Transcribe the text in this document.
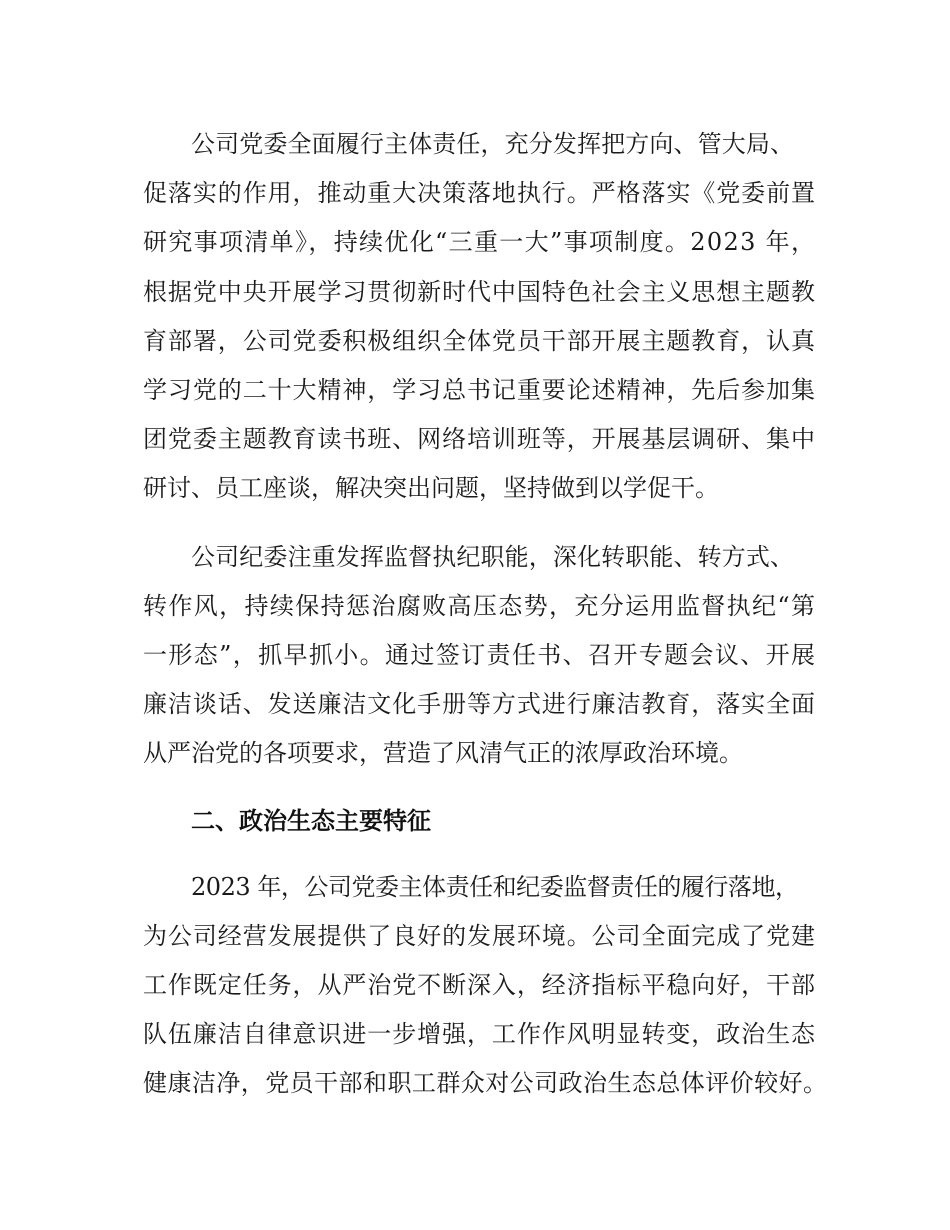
公司党委全面履行主体责任，充分发挥把方向、管大局、
促落实的作用，推动重大决策落地执行。严格落实《党委前置
研究事项清单》，持续优化“三重一大”事项制度。2023 年，
根据党中央开展学习贯彻新时代中国特色社会主义思想主题教
育部署，公司党委积极组织全体党员干部开展主题教育，认真
学习党的二十大精神，学习总书记重要论述精神，先后参加集
团党委主题教育读书班、网络培训班等，开展基层调研、集中
研讨、员工座谈，解决突出问题，坚持做到以学促干。
公司纪委注重发挥监督执纪职能，深化转职能、转方式、
转作风，持续保持惩治腐败高压态势，充分运用监督执纪“第
一形态”，抓早抓小。通过签订责任书、召开专题会议、开展
廉洁谈话、发送廉洁文化手册等方式进行廉洁教育，落实全面
从严治党的各项要求，营造了风清气正的浓厚政治环境。
二、政治生态主要特征
2023 年，公司党委主体责任和纪委监督责任的履行落地，
为公司经营发展提供了良好的发展环境。公司全面完成了党建
工作既定任务，从严治党不断深入，经济指标平稳向好，干部
队伍廉洁自律意识进一步增强，工作作风明显转变，政治生态
健康洁净，党员干部和职工群众对公司政治生态总体评价较好。
